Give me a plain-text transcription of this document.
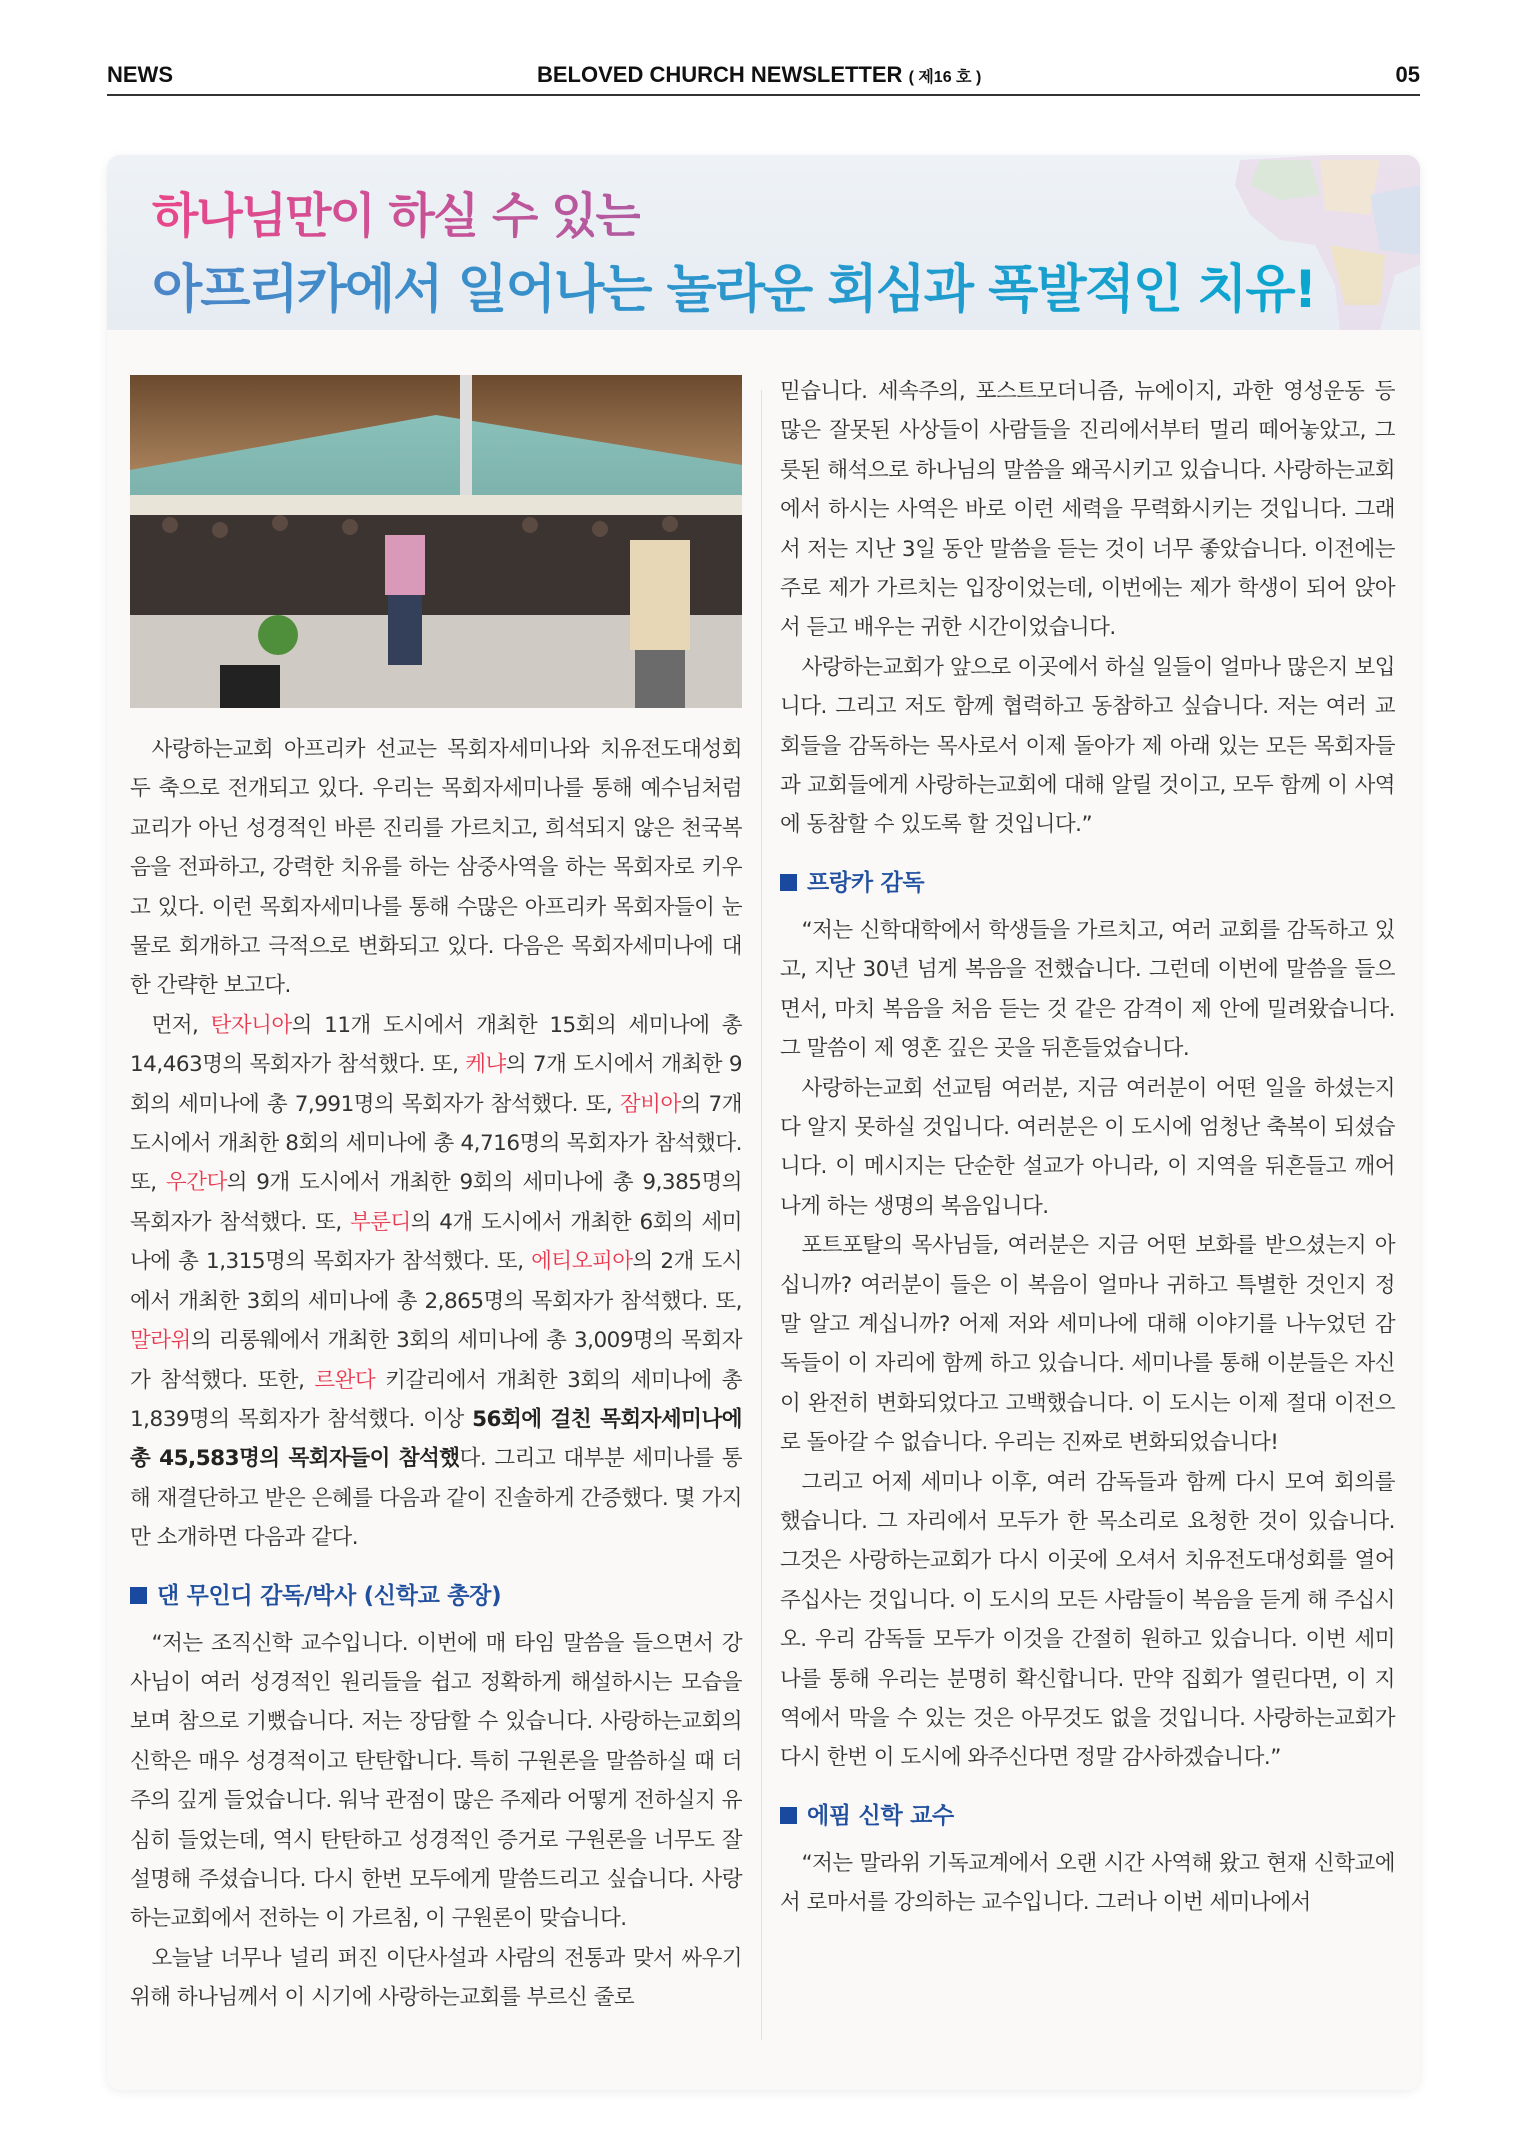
NEWS	BELOVED CHURCH NEWSLETTER ( 제16 호 )	05
하나님만이 하실 수 있는
아프리카에서 일어나는 놀라운 회심과 폭발적인 치유!

사랑하는교회 아프리카 선교는 목회자세미나와 치유전도대성회 두 축으로 전개되고 있다. 우리는 목회자세미나를 통해 예수님처럼 교리가 아닌 성경적인 바른 진리를 가르치고, 희석되지 않은 천국복음을 전파하고, 강력한 치유를 하는 삼중사역을 하는 목회자로 키우고 있다. 이런 목회자세미나를 통해 수많은 아프리카 목회자들이 눈물로 회개하고 극적으로 변화되고 있다. 다음은 목회자세미나에 대한 간략한 보고다.

먼저, 탄자니아의 11개 도시에서 개최한 15회의 세미나에 총 14,463명의 목회자가 참석했다. 또, 케냐의 7개 도시에서 개최한 9회의 세미나에 총 7,991명의 목회자가 참석했다. 또, 잠비아의 7개 도시에서 개최한 8회의 세미나에 총 4,716명의 목회자가 참석했다. 또, 우간다의 9개 도시에서 개최한 9회의 세미나에 총 9,385명의 목회자가 참석했다. 또, 부룬디의 4개 도시에서 개최한 6회의 세미나에 총 1,315명의 목회자가 참석했다. 또, 에티오피아의 2개 도시에서 개최한 3회의 세미나에 총 2,865명의 목회자가 참석했다. 또, 말라위의 리롱웨에서 개최한 3회의 세미나에 총 3,009명의 목회자가 참석했다. 또한, 르완다 키갈리에서 개최한 3회의 세미나에 총 1,839명의 목회자가 참석했다. 이상 56회에 걸친 목회자세미나에 총 45,583명의 목회자들이 참석했다. 그리고 대부분 세미나를 통해 재결단하고 받은 은혜를 다음과 같이 진솔하게 간증했다. 몇 가지만 소개하면 다음과 같다.

댄 무인디 감독/박사 (신학교 총장)

“저는 조직신학 교수입니다. 이번에 매 타임 말씀을 들으면서 강사님이 여러 성경적인 원리들을 쉽고 정확하게 해설하시는 모습을 보며 참으로 기뻤습니다. 저는 장담할 수 있습니다. 사랑하는교회의 신학은 매우 성경적이고 탄탄합니다. 특히 구원론을 말씀하실 때 더 주의 깊게 들었습니다. 워낙 관점이 많은 주제라 어떻게 전하실지 유심히 들었는데, 역시 탄탄하고 성경적인 증거로 구원론을 너무도 잘 설명해 주셨습니다. 다시 한번 모두에게 말씀드리고 싶습니다. 사랑하는교회에서 전하는 이 가르침, 이 구원론이 맞습니다.

오늘날 너무나 널리 퍼진 이단사설과 사람의 전통과 맞서 싸우기 위해 하나님께서 이 시기에 사랑하는교회를 부르신 줄로

믿습니다. 세속주의, 포스트모더니즘, 뉴에이지, 과한 영성운동 등 많은 잘못된 사상들이 사람들을 진리에서부터 멀리 떼어놓았고, 그릇된 해석으로 하나님의 말씀을 왜곡시키고 있습니다. 사랑하는교회에서 하시는 사역은 바로 이런 세력을 무력화시키는 것입니다. 그래서 저는 지난 3일 동안 말씀을 듣는 것이 너무 좋았습니다. 이전에는 주로 제가 가르치는 입장이었는데, 이번에는 제가 학생이 되어 앉아서 듣고 배우는 귀한 시간이었습니다.

사랑하는교회가 앞으로 이곳에서 하실 일들이 얼마나 많은지 보입니다. 그리고 저도 함께 협력하고 동참하고 싶습니다. 저는 여러 교회들을 감독하는 목사로서 이제 돌아가 제 아래 있는 모든 목회자들과 교회들에게 사랑하는교회에 대해 알릴 것이고, 모두 함께 이 사역에 동참할 수 있도록 할 것입니다.”

프랑카 감독

“저는 신학대학에서 학생들을 가르치고, 여러 교회를 감독하고 있고, 지난 30년 넘게 복음을 전했습니다. 그런데 이번에 말씀을 들으면서, 마치 복음을 처음 듣는 것 같은 감격이 제 안에 밀려왔습니다. 그 말씀이 제 영혼 깊은 곳을 뒤흔들었습니다.

사랑하는교회 선교팀 여러분, 지금 여러분이 어떤 일을 하셨는지 다 알지 못하실 것입니다. 여러분은 이 도시에 엄청난 축복이 되셨습니다. 이 메시지는 단순한 설교가 아니라, 이 지역을 뒤흔들고 깨어나게 하는 생명의 복음입니다.

포트포탈의 목사님들, 여러분은 지금 어떤 보화를 받으셨는지 아십니까? 여러분이 들은 이 복음이 얼마나 귀하고 특별한 것인지 정말 알고 계십니까? 어제 저와 세미나에 대해 이야기를 나누었던 감독들이 이 자리에 함께 하고 있습니다. 세미나를 통해 이분들은 자신이 완전히 변화되었다고 고백했습니다. 이 도시는 이제 절대 이전으로 돌아갈 수 없습니다. 우리는 진짜로 변화되었습니다!

그리고 어제 세미나 이후, 여러 감독들과 함께 다시 모여 회의를 했습니다. 그 자리에서 모두가 한 목소리로 요청한 것이 있습니다. 그것은 사랑하는교회가 다시 이곳에 오셔서 치유전도대성회를 열어주십사는 것입니다. 이 도시의 모든 사람들이 복음을 듣게 해 주십시오. 우리 감독들 모두가 이것을 간절히 원하고 있습니다. 이번 세미나를 통해 우리는 분명히 확신합니다. 만약 집회가 열린다면, 이 지역에서 막을 수 있는 것은 아무것도 없을 것입니다. 사랑하는교회가 다시 한번 이 도시에 와주신다면 정말 감사하겠습니다.”

에핌 신학 교수

“저는 말라위 기독교계에서 오랜 시간 사역해 왔고 현재 신학교에서 로마서를 강의하는 교수입니다. 그러나 이번 세미나에서
